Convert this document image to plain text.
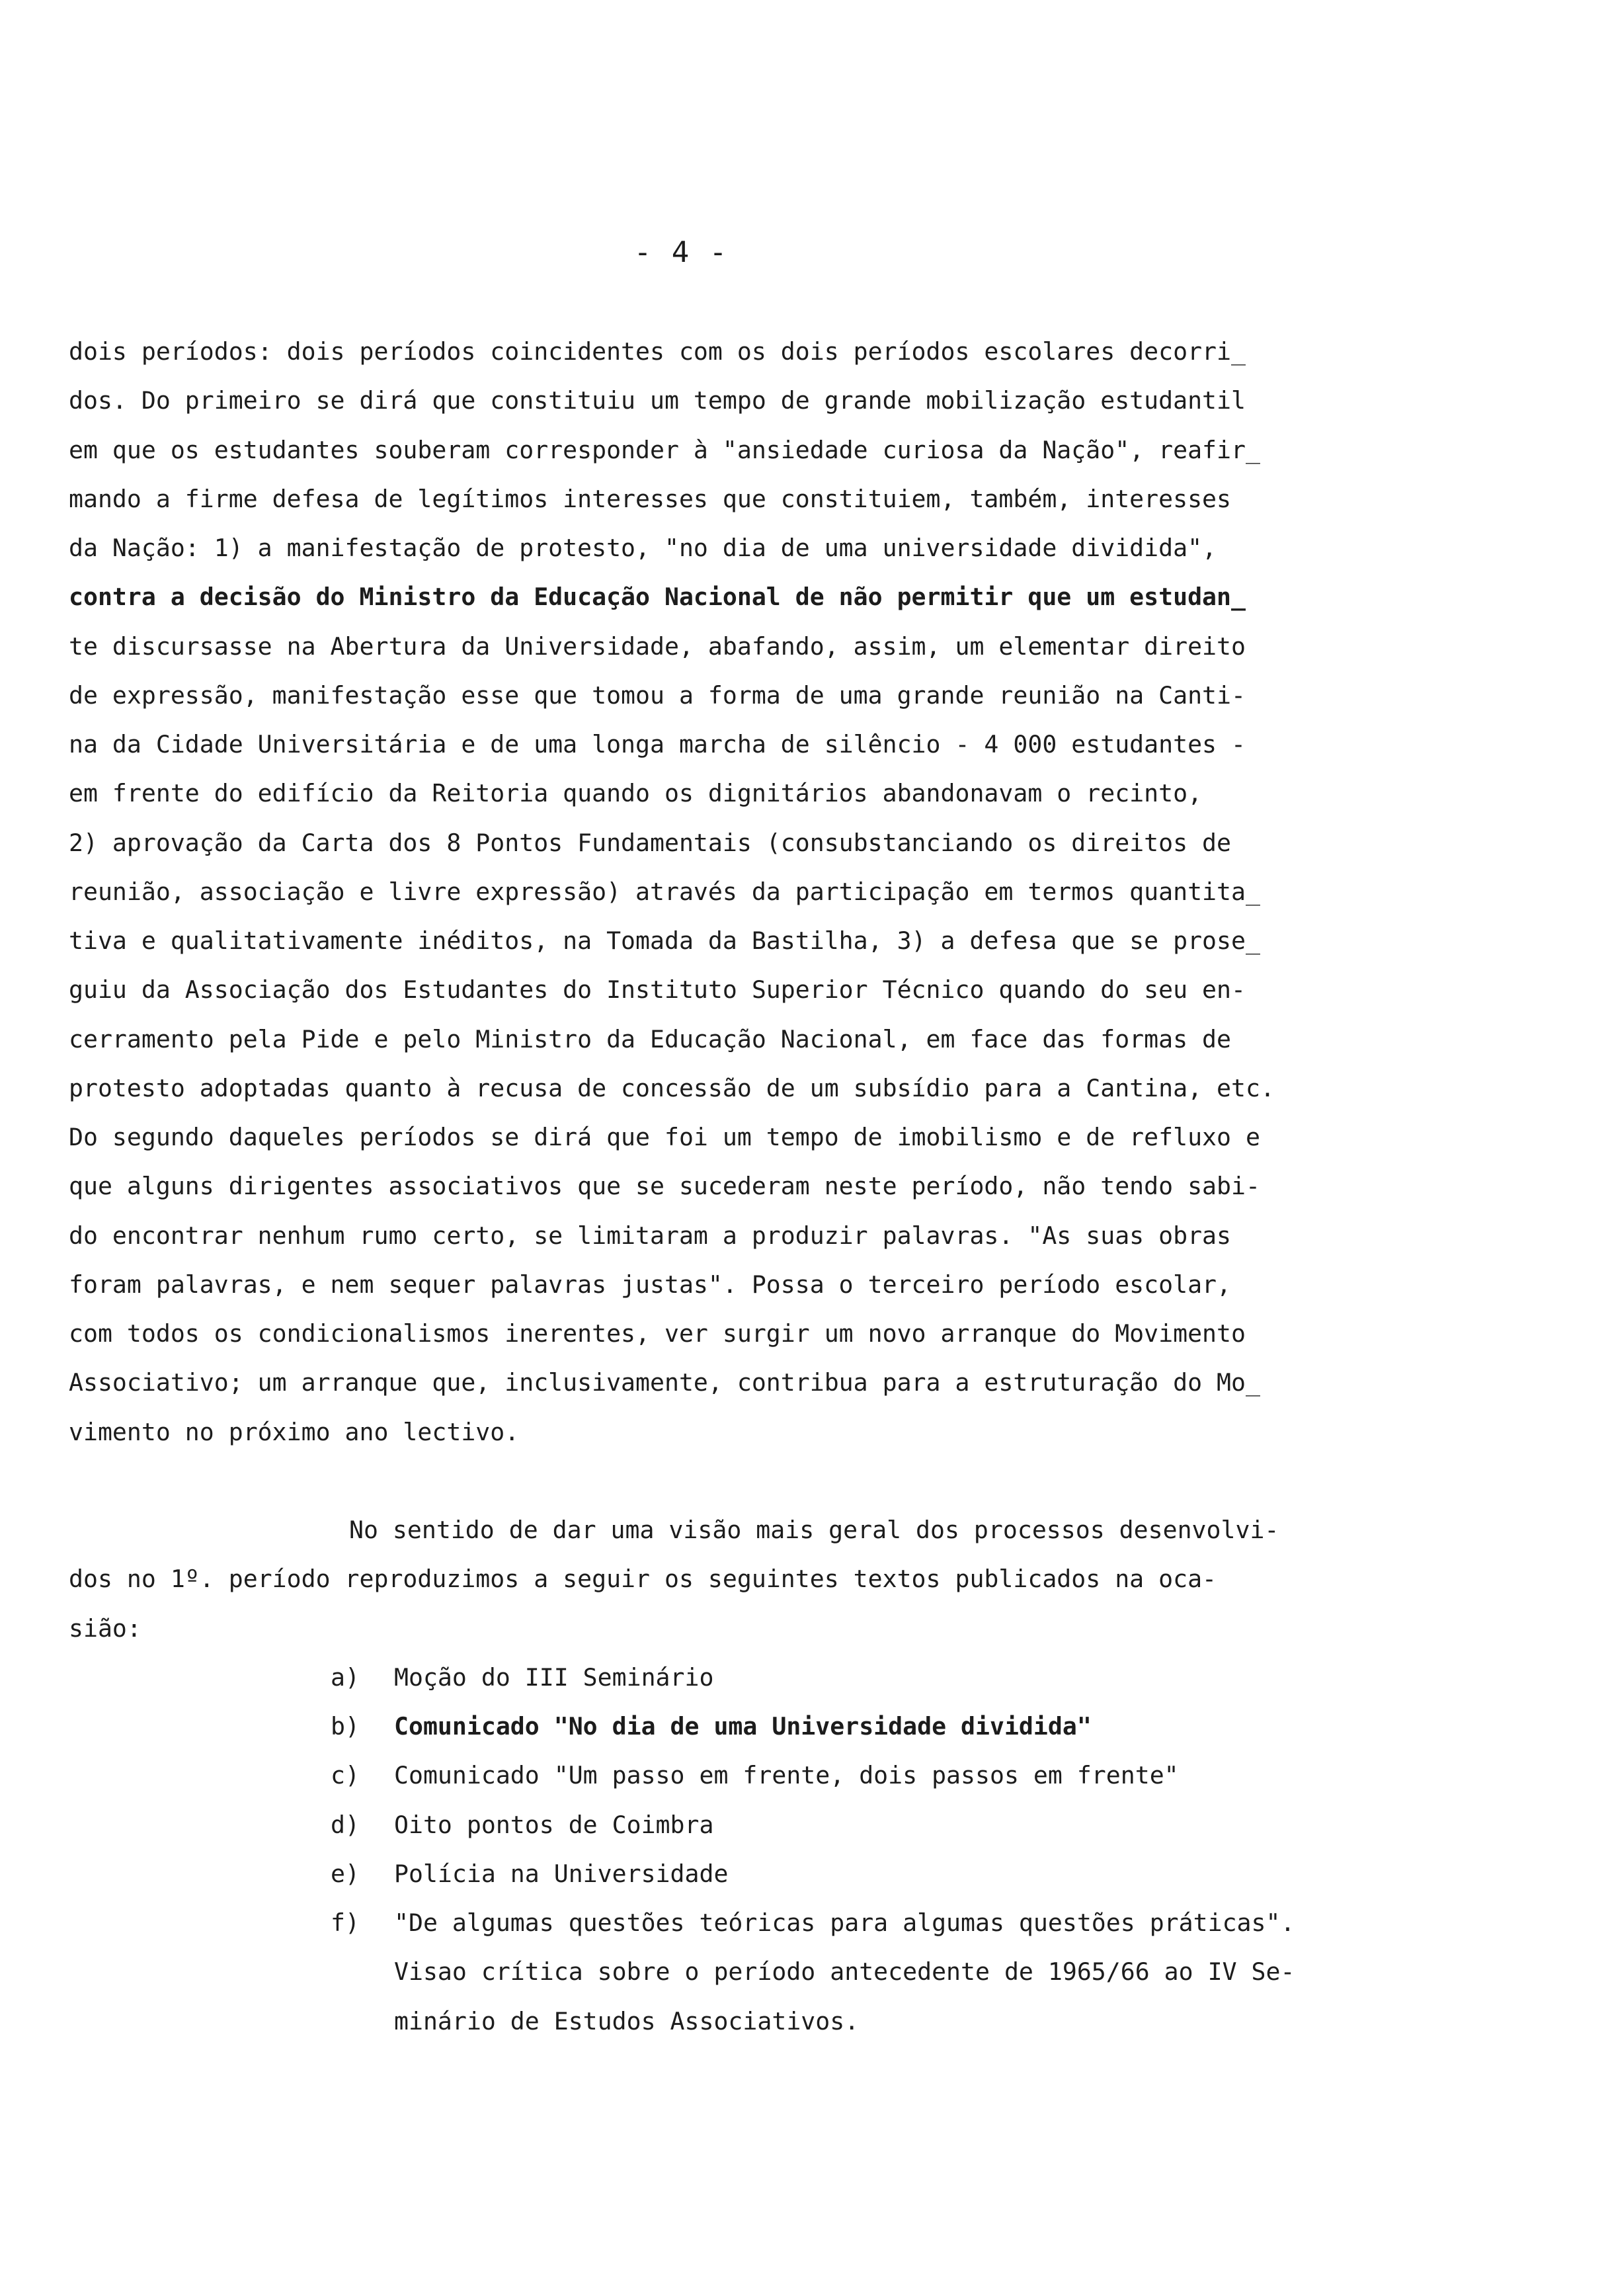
- 4 -
dois períodos: dois períodos coincidentes com os dois períodos escolares decorri_
dos. Do primeiro se dirá que constituiu um tempo de grande mobilização estudantil
em que os estudantes souberam corresponder à "ansiedade curiosa da Nação", reafir_
mando a firme defesa de legítimos interesses que constituiem, também, interesses
da Nação: 1) a manifestação de protesto, "no dia de uma universidade dividida",
contra a decisão do Ministro da Educação Nacional de não permitir que um estudan_
te discursasse na Abertura da Universidade, abafando, assim, um elementar direito
de expressão, manifestação esse que tomou a forma de uma grande reunião na Canti-
na da Cidade Universitária e de uma longa marcha de silêncio - 4 000 estudantes -
em frente do edifício da Reitoria quando os dignitários abandonavam o recinto,
2) aprovação da Carta dos 8 Pontos Fundamentais (consubstanciando os direitos de
reunião, associação e livre expressão) através da participação em termos quantita_
tiva e qualitativamente inéditos, na Tomada da Bastilha, 3) a defesa que se prose_
guiu da Associação dos Estudantes do Instituto Superior Técnico quando do seu en-
cerramento pela Pide e pelo Ministro da Educação Nacional, em face das formas de
protesto adoptadas quanto à recusa de concessão de um subsídio para a Cantina, etc.
Do segundo daqueles períodos se dirá que foi um tempo de imobilismo e de refluxo e
que alguns dirigentes associativos que se sucederam neste período, não tendo sabi-
do encontrar nenhum rumo certo, se limitaram a produzir palavras. "As suas obras
foram palavras, e nem sequer palavras justas". Possa o terceiro período escolar,
com todos os condicionalismos inerentes, ver surgir um novo arranque do Movimento
Associativo; um arranque que, inclusivamente, contribua para a estruturação do Mo_
vimento no próximo ano lectivo.
No sentido de dar uma visão mais geral dos processos desenvolvi-
dos no 1º. período reproduzimos a seguir os seguintes textos publicados na oca-
sião:
a) Moção do III Seminário
b) Comunicado "No dia de uma Universidade dividida"
c) Comunicado "Um passo em frente, dois passos em frente"
d) Oito pontos de Coimbra
e) Polícia na Universidade
f) "De algumas questões teóricas para algumas questões práticas".
Visao crítica sobre o período antecedente de 1965/66 ao IV Se-
minário de Estudos Associativos.
